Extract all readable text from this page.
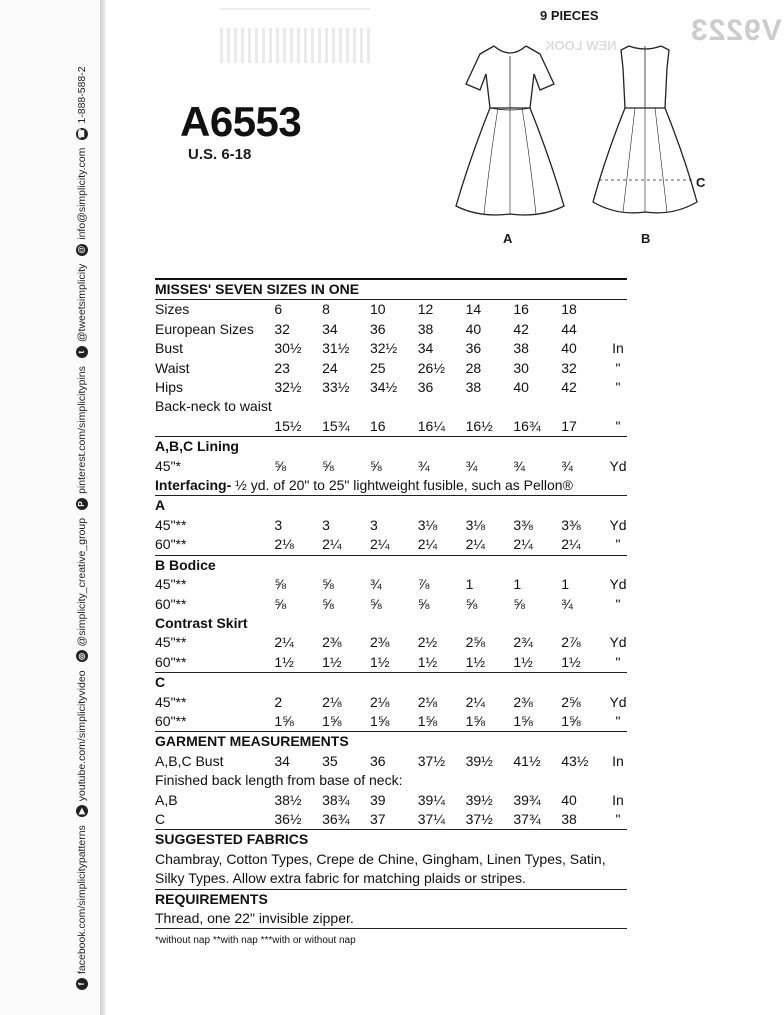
f
facebook.com/simplicitypatterns
▶
youtube.com/simplicityvideo
◎
@simplicity_creative_group
P
pinterest.com/simplicitypins
t
@tweetsimplicity
@
info@simplicity.com
☎
1-888-588-2
V9223
NEW LOOK
9 PIECES
A6553
U.S. 6-18
A	B
C
MISSES' SEVEN SIZES IN ONE								
Sizes	6	8	10	12	14	16	18	
European Sizes	32	34	36	38	40	42	44	
Bust	30½	31½	32½	34	36	38	40	In
Waist	23	24	25	26½	28	30	32	"
Hips	32½	33½	34½	36	38	40	42	"
Back-neck to waist								
	15½	15¾	16	16¼	16½	16¾	17	"
A,B,C Lining								
45"*	⅝	⅝	⅝	¾	¾	¾	¾	Yd
Interfacing- ½ yd. of 20" to 25" lightweight fusible, such as Pellon®								
A								
45"**	3	3	3	3⅛	3⅛	3⅜	3⅜	Yd
60"**	2⅛	2¼	2¼	2¼	2¼	2¼	2¼	"
B Bodice								
45"**	⅝	⅝	¾	⅞	1	1	1	Yd
60"**	⅝	⅝	⅝	⅝	⅝	⅝	¾	"
Contrast Skirt								
45"**	2¼	2⅜	2⅜	2½	2⅝	2¾	2⅞	Yd
60"**	1½	1½	1½	1½	1½	1½	1½	"
C								
45"**	2	2⅛	2⅛	2⅛	2¼	2⅜	2⅝	Yd
60"**	1⅝	1⅝	1⅝	1⅝	1⅝	1⅝	1⅝	"
GARMENT MEASUREMENTS								
A,B,C Bust	34	35	36	37½	39½	41½	43½	In
Finished back length from base of neck:								
A,B	38½	38¾	39	39¼	39½	39¾	40	In
C	36½	36¾	37	37¼	37½	37¾	38	"
SUGGESTED FABRICS								
Chambray, Cotton Types, Crepe de Chine, Gingham, Linen Types, Satin,								
Silky Types. Allow extra fabric for matching plaids or stripes.								
REQUIREMENTS								
Thread, one 22" invisible zipper.								
*without nap **with nap ***with or without nap								
